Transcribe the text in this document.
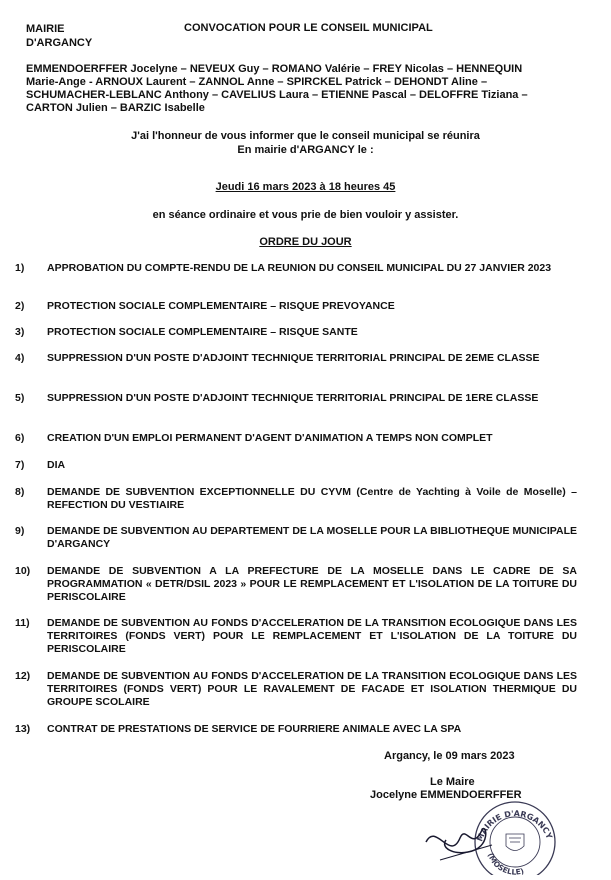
MAIRIE
D'ARGANCY
CONVOCATION POUR LE CONSEIL MUNICIPAL
EMMENDOERFFER Jocelyne – NEVEUX Guy – ROMANO Valérie – FREY Nicolas – HENNEQUIN
Marie-Ange - ARNOUX Laurent – ZANNOL Anne – SPIRCKEL Patrick – DEHONDT Aline –
SCHUMACHER-LEBLANC Anthony – CAVELIUS Laura – ETIENNE Pascal – DELOFFRE Tiziana –
CARTON Julien – BARZIC Isabelle
J'ai l'honneur de vous informer que le conseil municipal se réunira
En mairie d'ARGANCY le :
Jeudi 16 mars 2023 à 18 heures 45
en séance ordinaire et vous prie de bien vouloir y assister.
ORDRE DU JOUR
1)	APPROBATION DU COMPTE-RENDU DE LA REUNION DU CONSEIL MUNICIPAL DU 27 JANVIER 2023
2)	PROTECTION SOCIALE COMPLEMENTAIRE – RISQUE PREVOYANCE
3)	PROTECTION SOCIALE COMPLEMENTAIRE – RISQUE SANTE
4)	SUPPRESSION D'UN POSTE D'ADJOINT TECHNIQUE TERRITORIAL PRINCIPAL DE 2EME CLASSE
5)	SUPPRESSION D'UN POSTE D'ADJOINT TECHNIQUE TERRITORIAL PRINCIPAL DE 1ERE CLASSE
6)	CREATION D'UN EMPLOI PERMANENT D'AGENT D'ANIMATION A TEMPS NON COMPLET
7)	DIA
8)	DEMANDE DE SUBVENTION EXCEPTIONNELLE DU CYVM (Centre de Yachting à Voile de Moselle) – REFECTION DU VESTIAIRE
9)	DEMANDE DE SUBVENTION AU DEPARTEMENT DE LA MOSELLE POUR LA BIBLIOTHEQUE MUNICIPALE D'ARGANCY
10)	DEMANDE DE SUBVENTION A LA PREFECTURE DE LA MOSELLE DANS LE CADRE DE SA PROGRAMMATION « DETR/DSIL 2023 » POUR LE REMPLACEMENT ET L'ISOLATION DE LA TOITURE DU PERISCOLAIRE
11)	DEMANDE DE SUBVENTION AU FONDS D'ACCELERATION DE LA TRANSITION ECOLOGIQUE DANS LES TERRITOIRES (FONDS VERT) POUR LE REMPLACEMENT ET L'ISOLATION DE LA TOITURE DU PERISCOLAIRE
12)	DEMANDE DE SUBVENTION AU FONDS D'ACCELERATION DE LA TRANSITION ECOLOGIQUE DANS LES TERRITOIRES (FONDS VERT) POUR LE RAVALEMENT DE FACADE ET ISOLATION THERMIQUE DU GROUPE SCOLAIRE
13)	CONTRAT DE PRESTATIONS DE SERVICE DE FOURRIERE ANIMALE AVEC LA SPA
Argancy, le 09 mars 2023
Le Maire
Jocelyne EMMENDOERFFER
MAIRIE D'ARGANCY
(MOSELLE)
